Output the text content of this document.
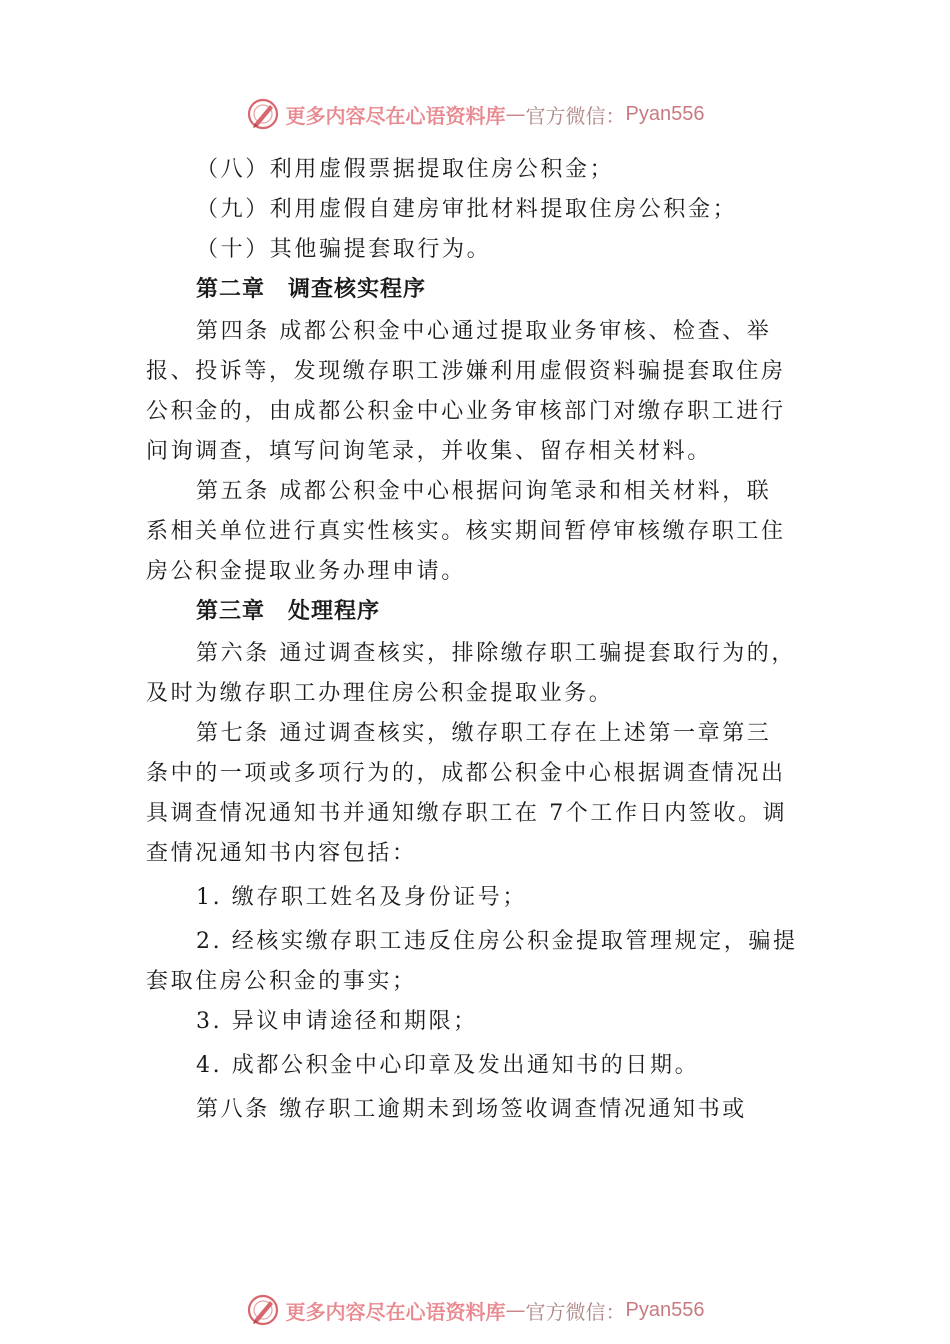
更多内容尽在心语资料库 — 官方微信： Pyan556
（八）利用虚假票据提取住房公积金；
（九）利用虚假自建房审批材料提取住房公积金；
（十）其他骗提套取行为。
第二章　调查核实程序
第四条 成都公积金中心通过提取业务审核、检查、举
报、投诉等，发现缴存职工涉嫌利用虚假资料骗提套取住房
公积金的，由成都公积金中心业务审核部门对缴存职工进行
问询调查，填写问询笔录，并收集、留存相关材料。
第五条 成都公积金中心根据问询笔录和相关材料，联
系相关单位进行真实性核实。核实期间暂停审核缴存职工住
房公积金提取业务办理申请。
第三章　处理程序
第六条 通过调查核实，排除缴存职工骗提套取行为的，
及时为缴存职工办理住房公积金提取业务。
第七条 通过调查核实，缴存职工存在上述第一章第三
条中的一项或多项行为的，成都公积金中心根据调查情况出
具调查情况通知书并通知缴存职工在 7个工作日内签收。调
查情况通知书内容包括：
1. 缴存职工姓名及身份证号；
2. 经核实缴存职工违反住房公积金提取管理规定，骗提
套取住房公积金的事实；
3. 异议申请途径和期限；
4. 成都公积金中心印章及发出通知书的日期。
第八条 缴存职工逾期未到场签收调查情况通知书或
更多内容尽在心语资料库 — 官方微信： Pyan556
